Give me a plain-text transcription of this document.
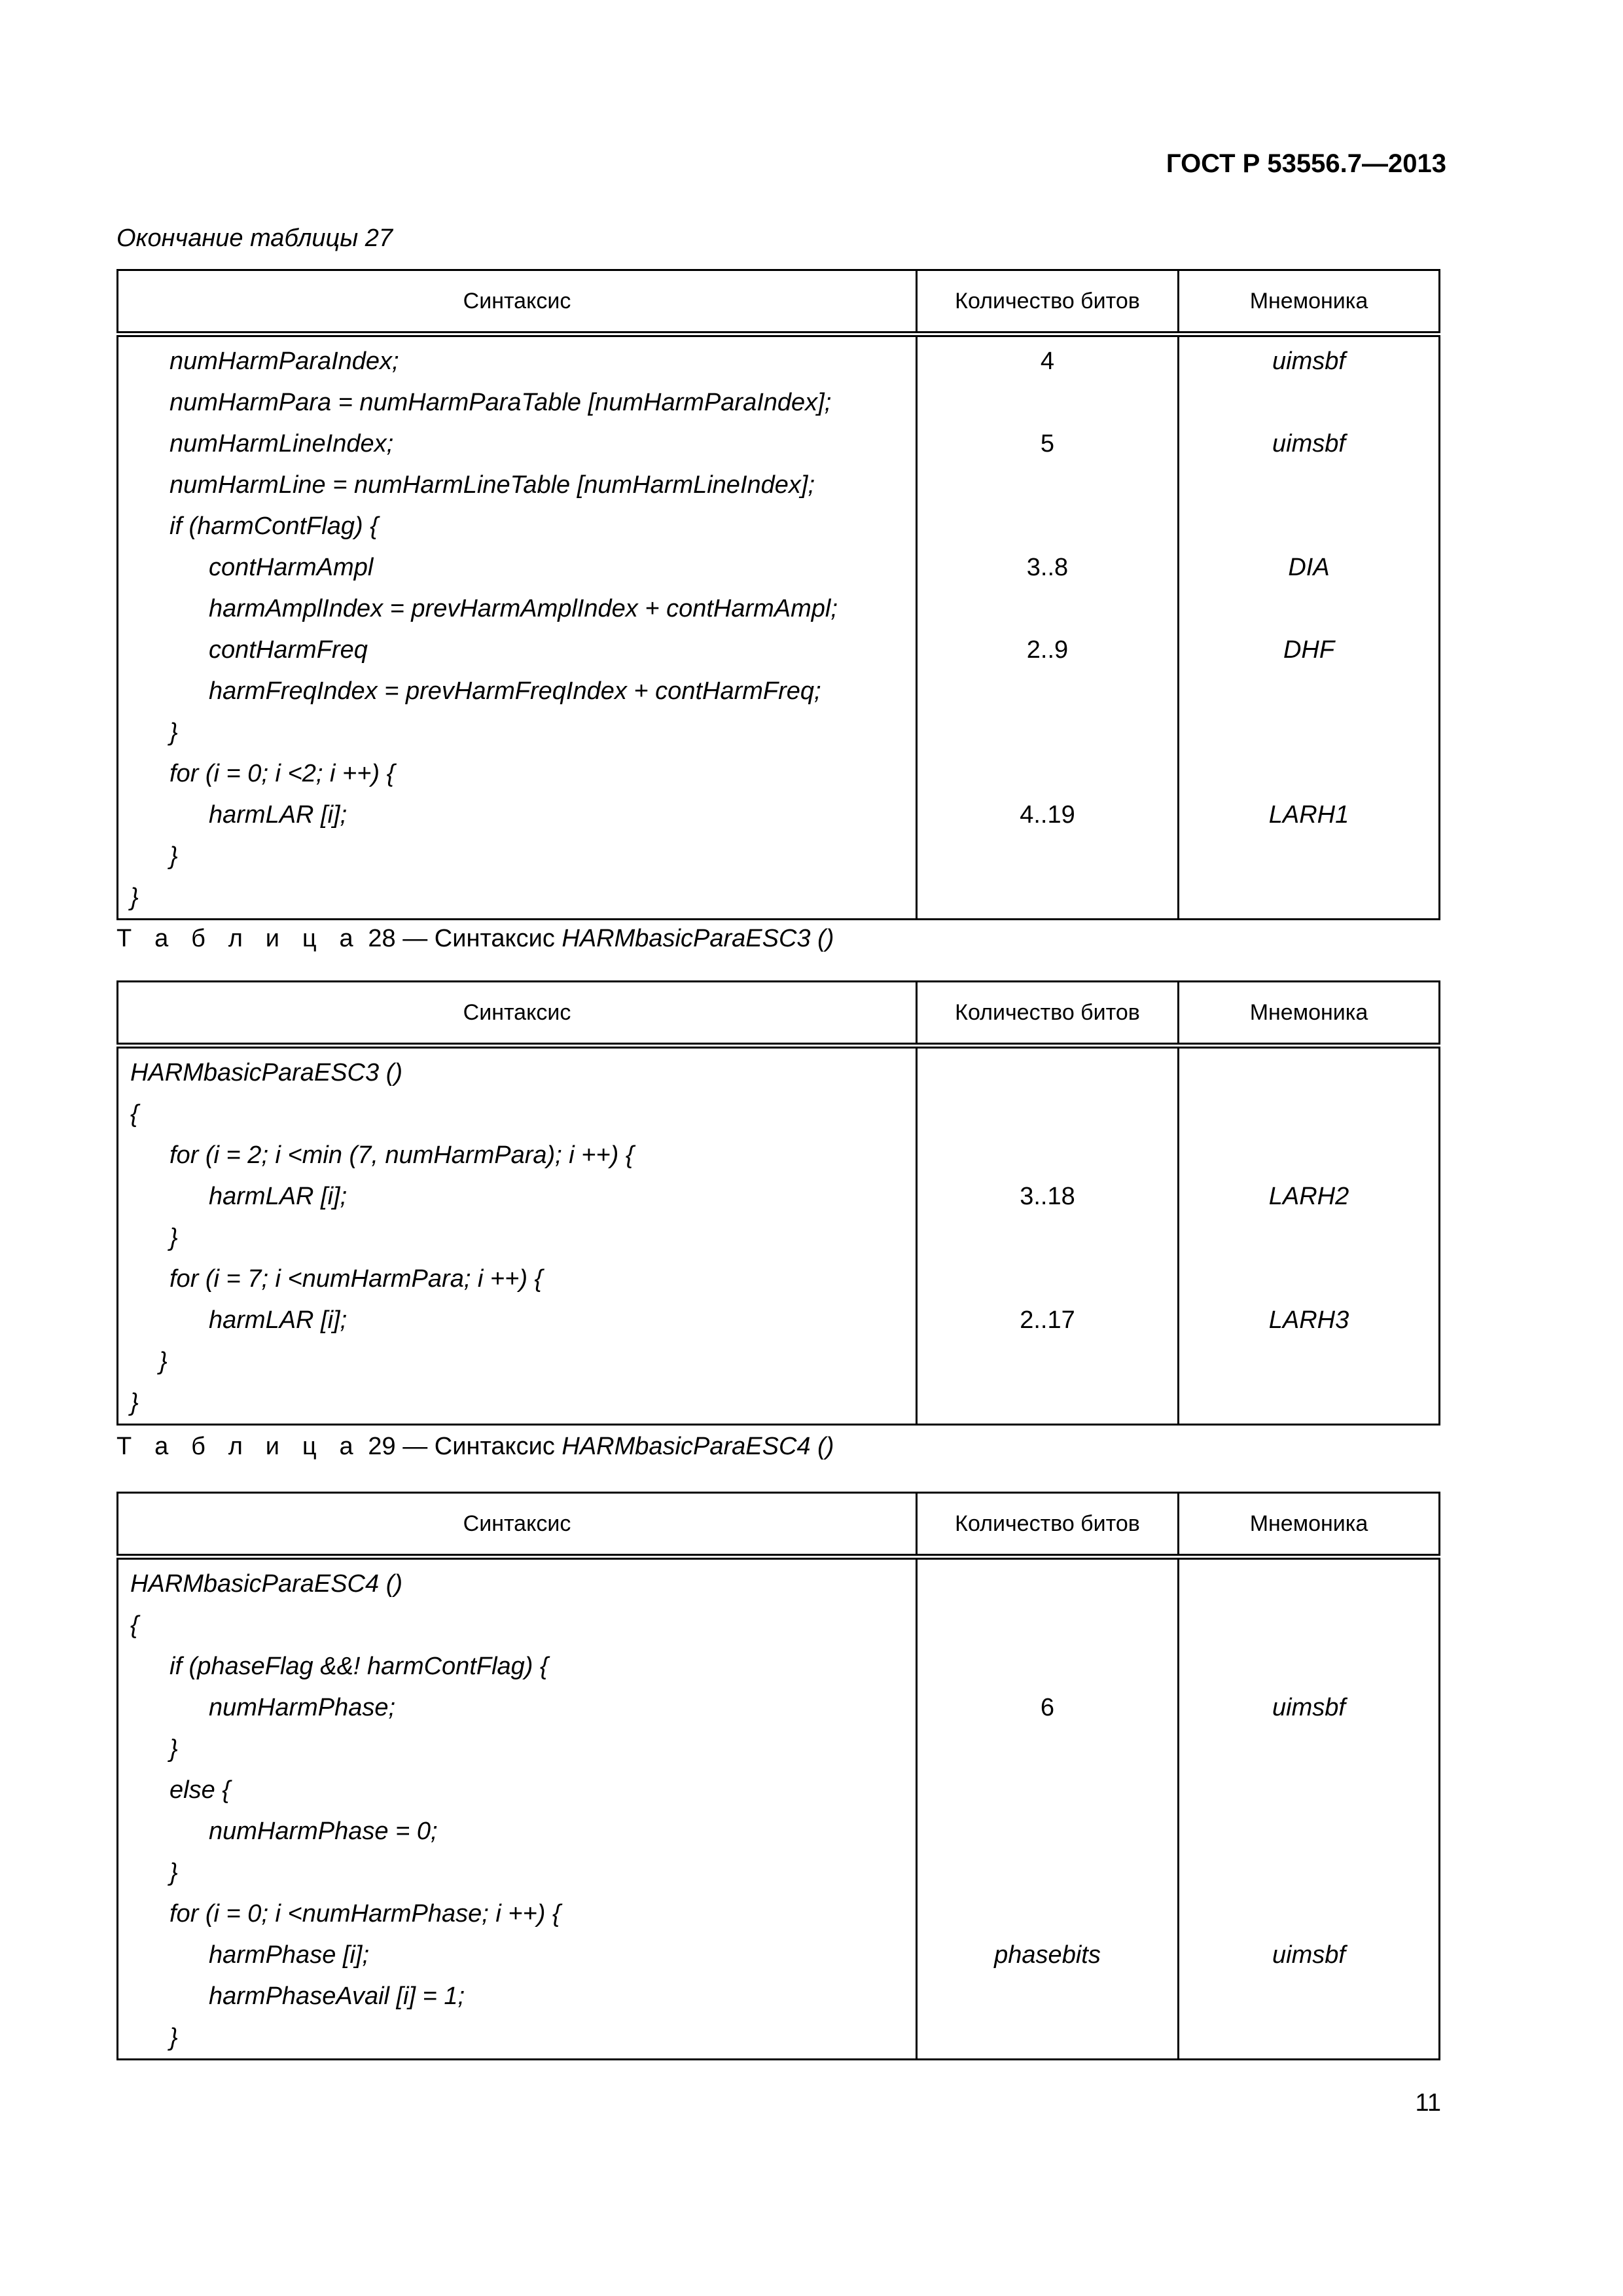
ГОСТ Р 53556.7—2013
Окончание таблицы 27
Синтаксис	Количество битов	Мнемоника
numHarmParaIndex;	4	uimsbf
numHarmPara = numHarmParaTable [numHarmParaIndex];		
numHarmLineIndex;	5	uimsbf
numHarmLine = numHarmLineTable [numHarmLineIndex];		
if (harmContFlag) {		
contHarmAmpl	3..8	DIA
harmAmplIndex = prevHarmAmplIndex + contHarmAmpl;		
contHarmFreq	2..9	DHF
harmFreqIndex = prevHarmFreqIndex + contHarmFreq;		
}		
for (i = 0; i <2; i ++) {		
harmLAR [i];	4..19	LARH1
}		
}		
Т а б л и ц а 28 — Синтаксис HARMbasicParaESC3 ()
Синтаксис	Количество битов	Мнемоника
HARMbasicParaESC3 ()		
{		
for (i = 2; i <min (7, numHarmPara); i ++) {		
harmLAR [i];	3..18	LARH2
}		
for (i = 7; i <numHarmPara; i ++) {		
harmLAR [i];	2..17	LARH3
}		
}		
Т а б л и ц а 29 — Синтаксис HARMbasicParaESC4 ()
Синтаксис	Количество битов	Мнемоника
HARMbasicParaESC4 ()		
{		
if (phaseFlag &&! harmContFlag) {		
numHarmPhase;	6	uimsbf
}		
else {		
numHarmPhase = 0;		
}		
for (i = 0; i <numHarmPhase; i ++) {		
harmPhase [i];	phasebits	uimsbf
harmPhaseAvail [i] = 1;		
}		
11
